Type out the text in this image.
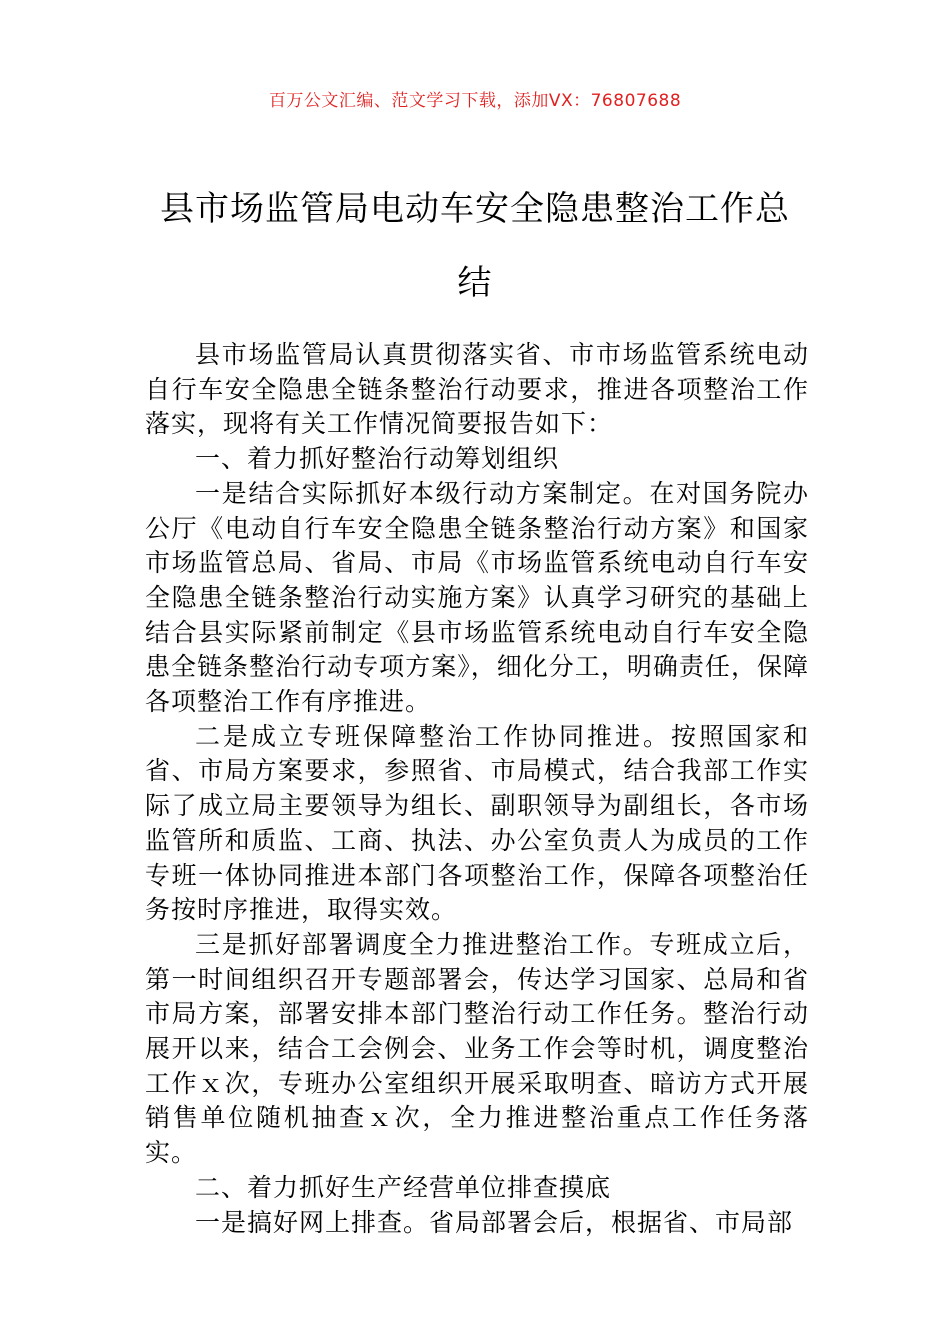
百万公文汇编、范文学习下载，添加VX：76807688
县市场监管局电动车安全隐患整治工作总结

县市场监管局认真贯彻落实省、市市场监管系统电动自行车安全隐患全链条整治行动要求，推进各项整治工作落实，现将有关工作情况简要报告如下：

一、着力抓好整治行动筹划组织

一是结合实际抓好本级行动方案制定。在对国务院办公厅《电动自行车安全隐患全链条整治行动方案》和国家市场监管总局、省局、市局《市场监管系统电动自行车安全隐患全链条整治行动实施方案》认真学习研究的基础上结合县实际紧前制定《县市场监管系统电动自行车安全隐患全链条整治行动专项方案》，细化分工，明确责任，保障各项整治工作有序推进。

二是成立专班保障整治工作协同推进。按照国家和省、市局方案要求，参照省、市局模式，结合我部工作实际了成立局主要领导为组长、副职领导为副组长，各市场监管所和质监、工商、执法、办公室负责人为成员的工作专班一体协同推进本部门各项整治工作，保障各项整治任务按时序推进，取得实效。

三是抓好部署调度全力推进整治工作。专班成立后，第一时间组织召开专题部署会，传达学习国家、总局和省市局方案，部署安排本部门整治行动工作任务。整治行动展开以来，结合工会例会、业务工作会等时机，调度整治工作ｘ次，专班办公室组织开展采取明查、暗访方式开展销售单位随机抽查ｘ次，全力推进整治重点工作任务落实。

二、着力抓好生产经营单位排查摸底

一是搞好网上排查。省局部署会后，根据省、市局部
